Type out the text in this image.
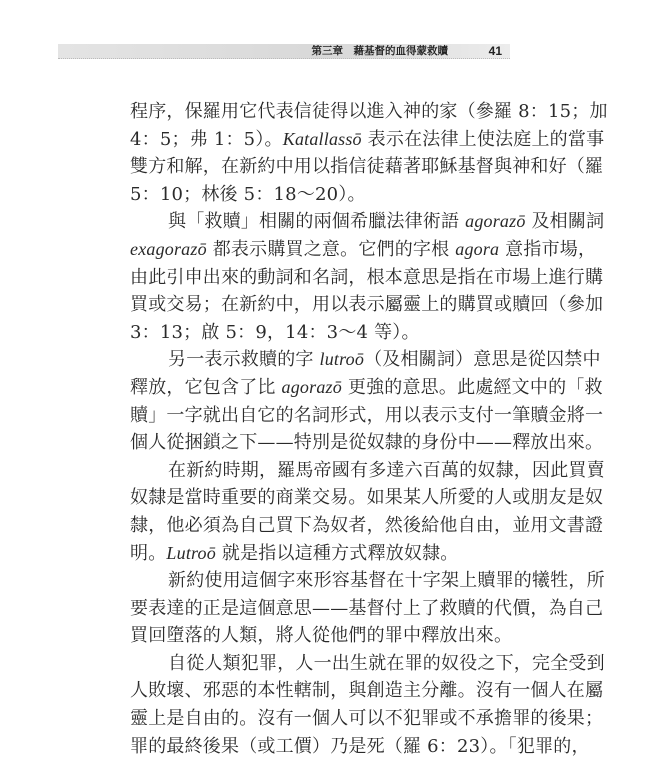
第三章　藉基督的血得蒙救贖	41
程序，保羅用它代表信徒得以進入神的家（參羅 8：15；加
4：5；弗 1：5）。Katallassō 表示在法律上使法庭上的當事
雙方和解，在新約中用以指信徒藉著耶穌基督與神和好（羅
5：10；林後 5：18～20）。
與「救贖」相關的兩個希臘法律術語 agorazō 及相關詞
exagorazō 都表示購買之意。它們的字根 agora 意指市場，
由此引申出來的動詞和名詞，根本意思是指在市場上進行購
買或交易；在新約中，用以表示屬靈上的購買或贖回（參加
3：13；啟 5：9，14：3～4 等）。
另一表示救贖的字 lutroō（及相關詞）意思是從囚禁中
釋放，它包含了比 agorazō 更強的意思。此處經文中的「救
贖」一字就出自它的名詞形式，用以表示支付一筆贖金將一
個人從捆鎖之下——特別是從奴隸的身份中——釋放出來。
在新約時期，羅馬帝國有多達六百萬的奴隸，因此買賣
奴隸是當時重要的商業交易。如果某人所愛的人或朋友是奴
隸，他必須為自己買下為奴者，然後給他自由，並用文書證
明。Lutroō 就是指以這種方式釋放奴隸。
新約使用這個字來形容基督在十字架上贖罪的犧牲，所
要表達的正是這個意思——基督付上了救贖的代價，為自己
買回墮落的人類，將人從他們的罪中釋放出來。
自從人類犯罪，人一出生就在罪的奴役之下，完全受到
人敗壞、邪惡的本性轄制，與創造主分離。沒有一個人在屬
靈上是自由的。沒有一個人可以不犯罪或不承擔罪的後果；
罪的最終後果（或工價）乃是死（羅 6：23）。「犯罪的，
